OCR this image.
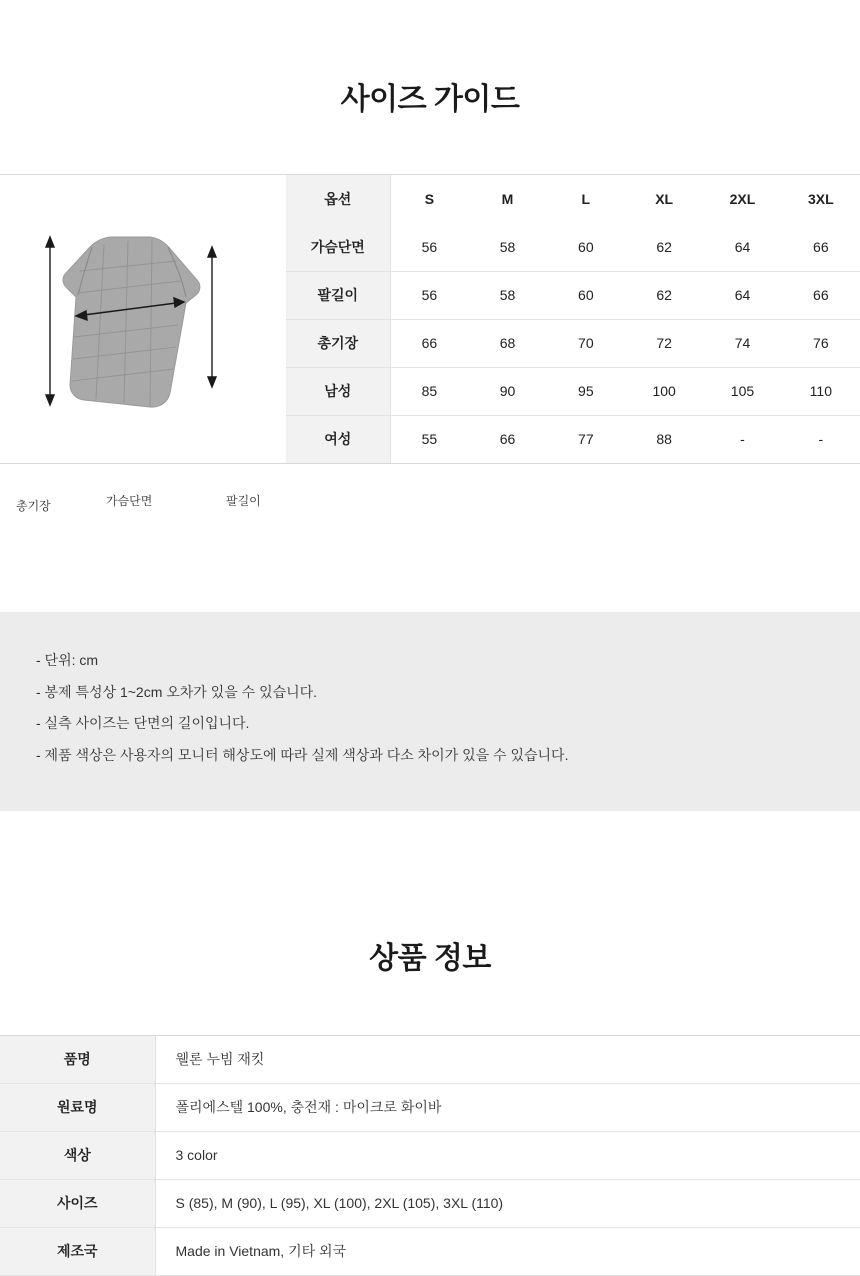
사이즈 가이드
총기장	가슴단면	팔길이
옵션	S	M	L	XL	2XL	3XL
가슴단면	56	58	60	62	64	66
팔길이	56	58	60	62	64	66
총기장	66	68	70	72	74	76
남성	85	90	95	100	105	110
여성	55	66	77	88	-	-

- 단위: cm

- 봉제 특성상 1~2cm 오차가 있을 수 있습니다.

- 실측 사이즈는 단면의 길이입니다.

- 제품 색상은 사용자의 모니터 해상도에 따라 실제 색상과 다소 차이가 있을 수 있습니다.

상품 정보
품명	웰론 누빔 재킷
원료명	폴리에스텔 100%, 충전재 : 마이크로 화이바
색상	3 color
사이즈	S (85), M (90), L (95), XL (100), 2XL (105), 3XL (110)
제조국	Made in Vietnam, 기타 외국
